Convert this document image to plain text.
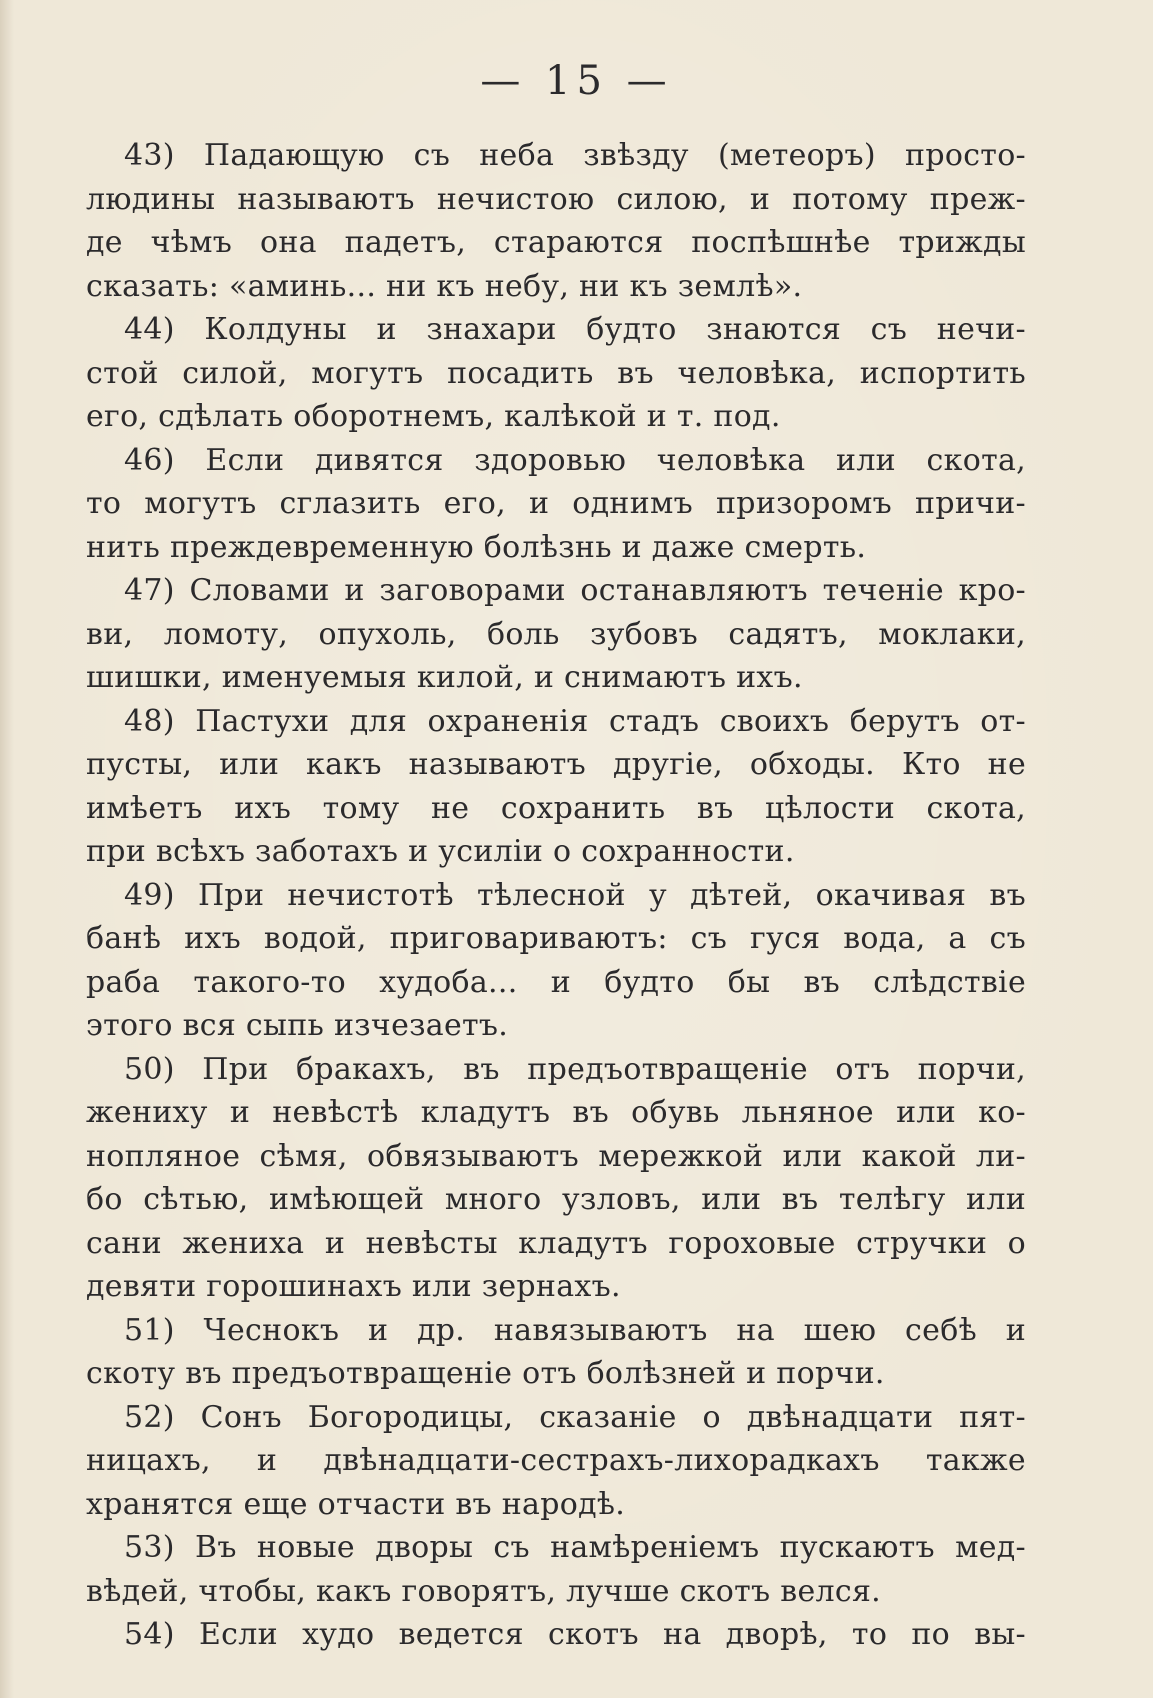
— 15 —
43) Падающую съ неба звѣзду (метеоръ) просто-
людины называютъ нечистою силою, и потому преж-
де чѣмъ она падетъ, стараются поспѣшнѣе трижды
сказать: «аминь... ни къ небу, ни къ землѣ».
44) Колдуны и знахари будто знаются съ нечи-
стой силой, могутъ посадить въ человѣка, испортить
его, сдѣлать оборотнемъ, калѣкой и т. под.
46) Если дивятся здоровью человѣка или скота,
то могутъ сглазить его, и однимъ призоромъ причи-
нить преждевременную болѣзнь и даже смерть.
47) Словами и заговорами останавляютъ теченіе кро-
ви, ломоту, опухоль, боль зубовъ садятъ, моклаки,
шишки, именуемыя килой, и снимаютъ ихъ.
48) Пастухи для охраненія стадъ своихъ берутъ от-
пусты, или какъ называютъ другіе, обходы. Кто не
имѣетъ ихъ тому не сохранить въ цѣлости скота,
при всѣхъ заботахъ и усиліи о сохранности.
49) При нечистотѣ тѣлесной у дѣтей, окачивая въ
банѣ ихъ водой, приговариваютъ: съ гуся вода, а съ
раба такого-то худоба... и будто бы въ слѣдствіе
этого вся сыпь изчезаетъ.
50) При бракахъ, въ предъотвращеніе отъ порчи,
жениху и невѣстѣ кладутъ въ обувь льняное или ко-
нопляное сѣмя, обвязываютъ мережкой или какой ли-
бо сѣтью, имѣющей много узловъ, или въ телѣгу или
сани жениха и невѣсты кладутъ гороховые стручки о
девяти горошинахъ или зернахъ.
51) Чеснокъ и др. навязываютъ на шею себѣ и
скоту въ предъотвращеніе отъ болѣзней и порчи.
52) Сонъ Богородицы, сказаніе о двѣнадцати пят-
ницахъ, и двѣнадцати-сестрахъ-лихорадкахъ также
хранятся еще отчасти въ народѣ.
53) Въ новые дворы съ намѣреніемъ пускаютъ мед-
вѣдей, чтобы, какъ говорятъ, лучше скотъ велся.
54) Если худо ведется скотъ на дворѣ, то по вы-
